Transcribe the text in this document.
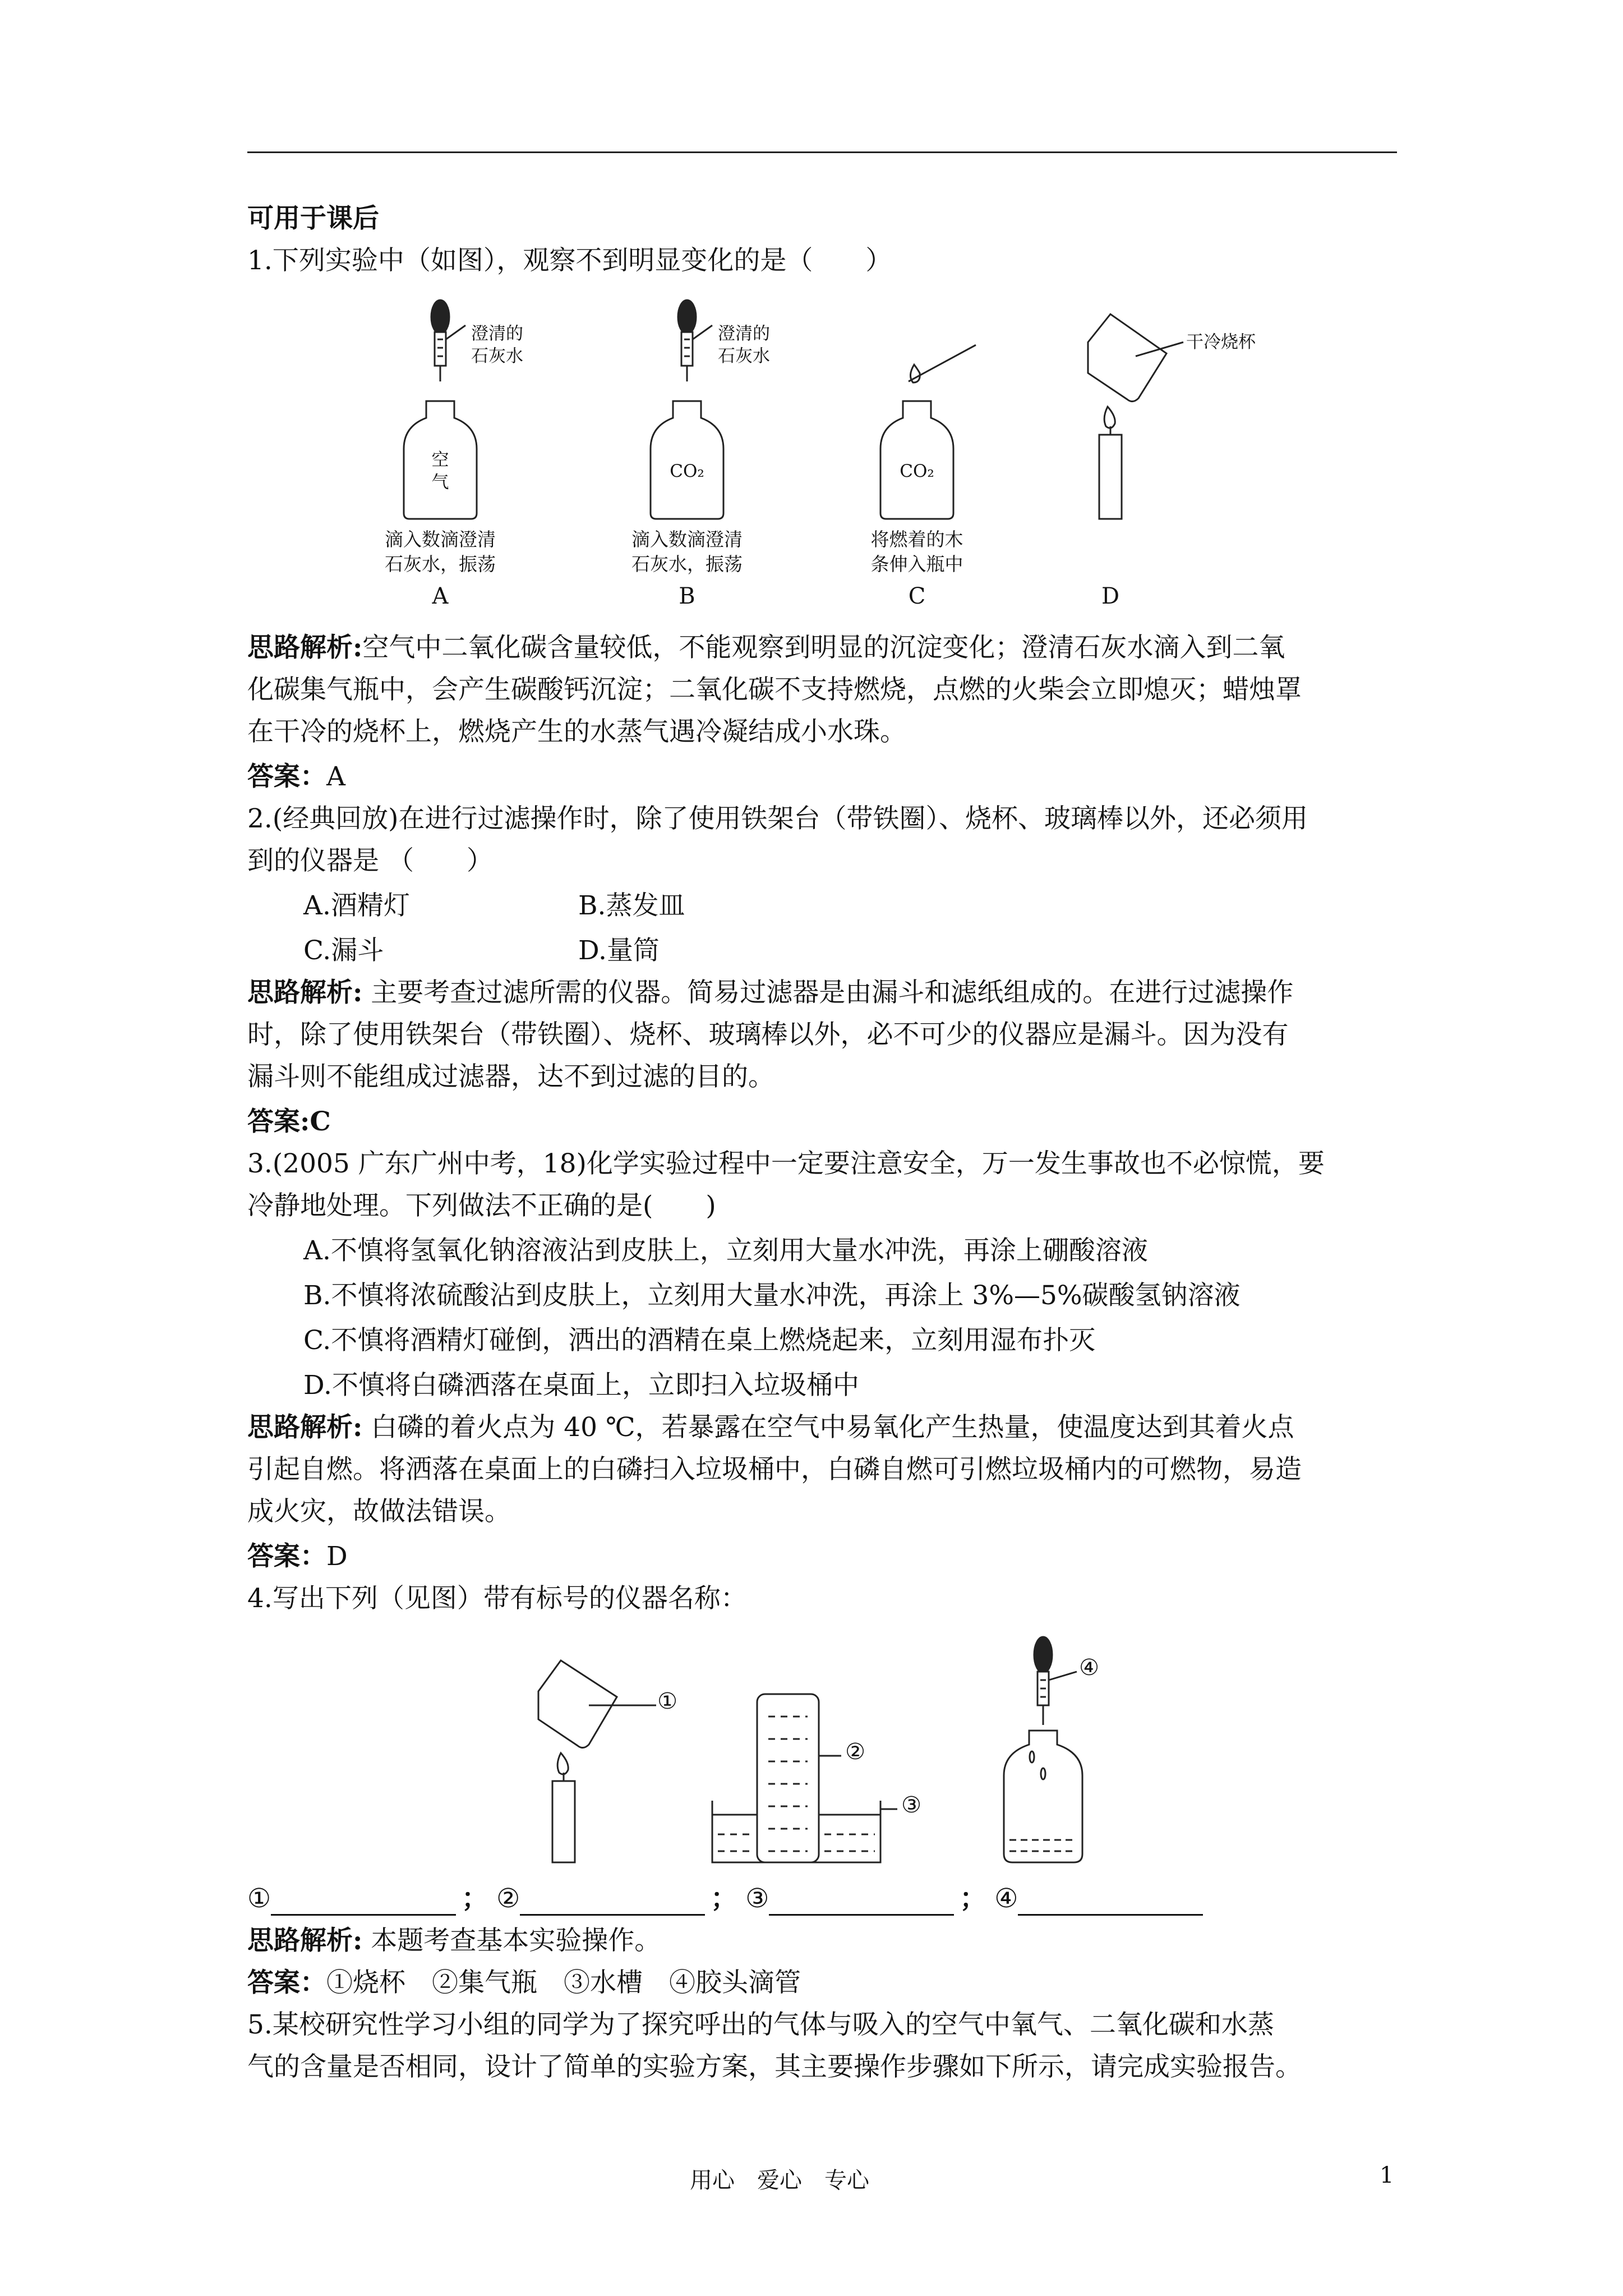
可用于课后
1.下列实验中（如图），观察不到明显变化的是（　　）
澄清的
石灰水
澄清的
石灰水
干冷烧杯
空
气
CO₂	CO₂
滴入数滴澄清
石灰水，振荡
滴入数滴澄清
石灰水，振荡
将燃着的木
条伸入瓶中
A	B	C	D
思路解析:空气中二氧化碳含量较低，不能观察到明显的沉淀变化；澄清石灰水滴入到二氧
化碳集气瓶中，会产生碳酸钙沉淀；二氧化碳不支持燃烧，点燃的火柴会立即熄灭；蜡烛罩
在干冷的烧杯上，燃烧产生的水蒸气遇冷凝结成小水珠。
答案：A
2.(经典回放)在进行过滤操作时，除了使用铁架台（带铁圈）、烧杯、玻璃棒以外，还必须用
到的仪器是 （　　）
A.酒精灯	B.蒸发皿
C.漏斗	D.量筒
思路解析: 主要考查过滤所需的仪器。简易过滤器是由漏斗和滤纸组成的。在进行过滤操作
时，除了使用铁架台（带铁圈）、烧杯、玻璃棒以外，必不可少的仪器应是漏斗。因为没有
漏斗则不能组成过滤器，达不到过滤的目的。
答案:C
3.(2005 广东广州中考，18)化学实验过程中一定要注意安全，万一发生事故也不必惊慌，要
冷静地处理。下列做法不正确的是(　　)
A.不慎将氢氧化钠溶液沾到皮肤上，立刻用大量水冲洗，再涂上硼酸溶液
B.不慎将浓硫酸沾到皮肤上，立刻用大量水冲洗，再涂上 3%—5%碳酸氢钠溶液
C.不慎将酒精灯碰倒，洒出的酒精在桌上燃烧起来，立刻用湿布扑灭
D.不慎将白磷洒落在桌面上，立即扫入垃圾桶中
思路解析: 白磷的着火点为 40 ℃，若暴露在空气中易氧化产生热量，使温度达到其着火点
引起自燃。将洒落在桌面上的白磷扫入垃圾桶中，白磷自燃可引燃垃圾桶内的可燃物，易造
成火灾，故做法错误。
答案：D
4.写出下列（见图）带有标号的仪器名称：
①
②
③
④
①	； ②	； ③	； ④
思路解析: 本题考查基本实验操作。
答案：①烧杯　②集气瓶　③水槽　④胶头滴管
5.某校研究性学习小组的同学为了探究呼出的气体与吸入的空气中氧气、二氧化碳和水蒸
气的含量是否相同，设计了简单的实验方案，其主要操作步骤如下所示，请完成实验报告。
用心　爱心　专心	1
